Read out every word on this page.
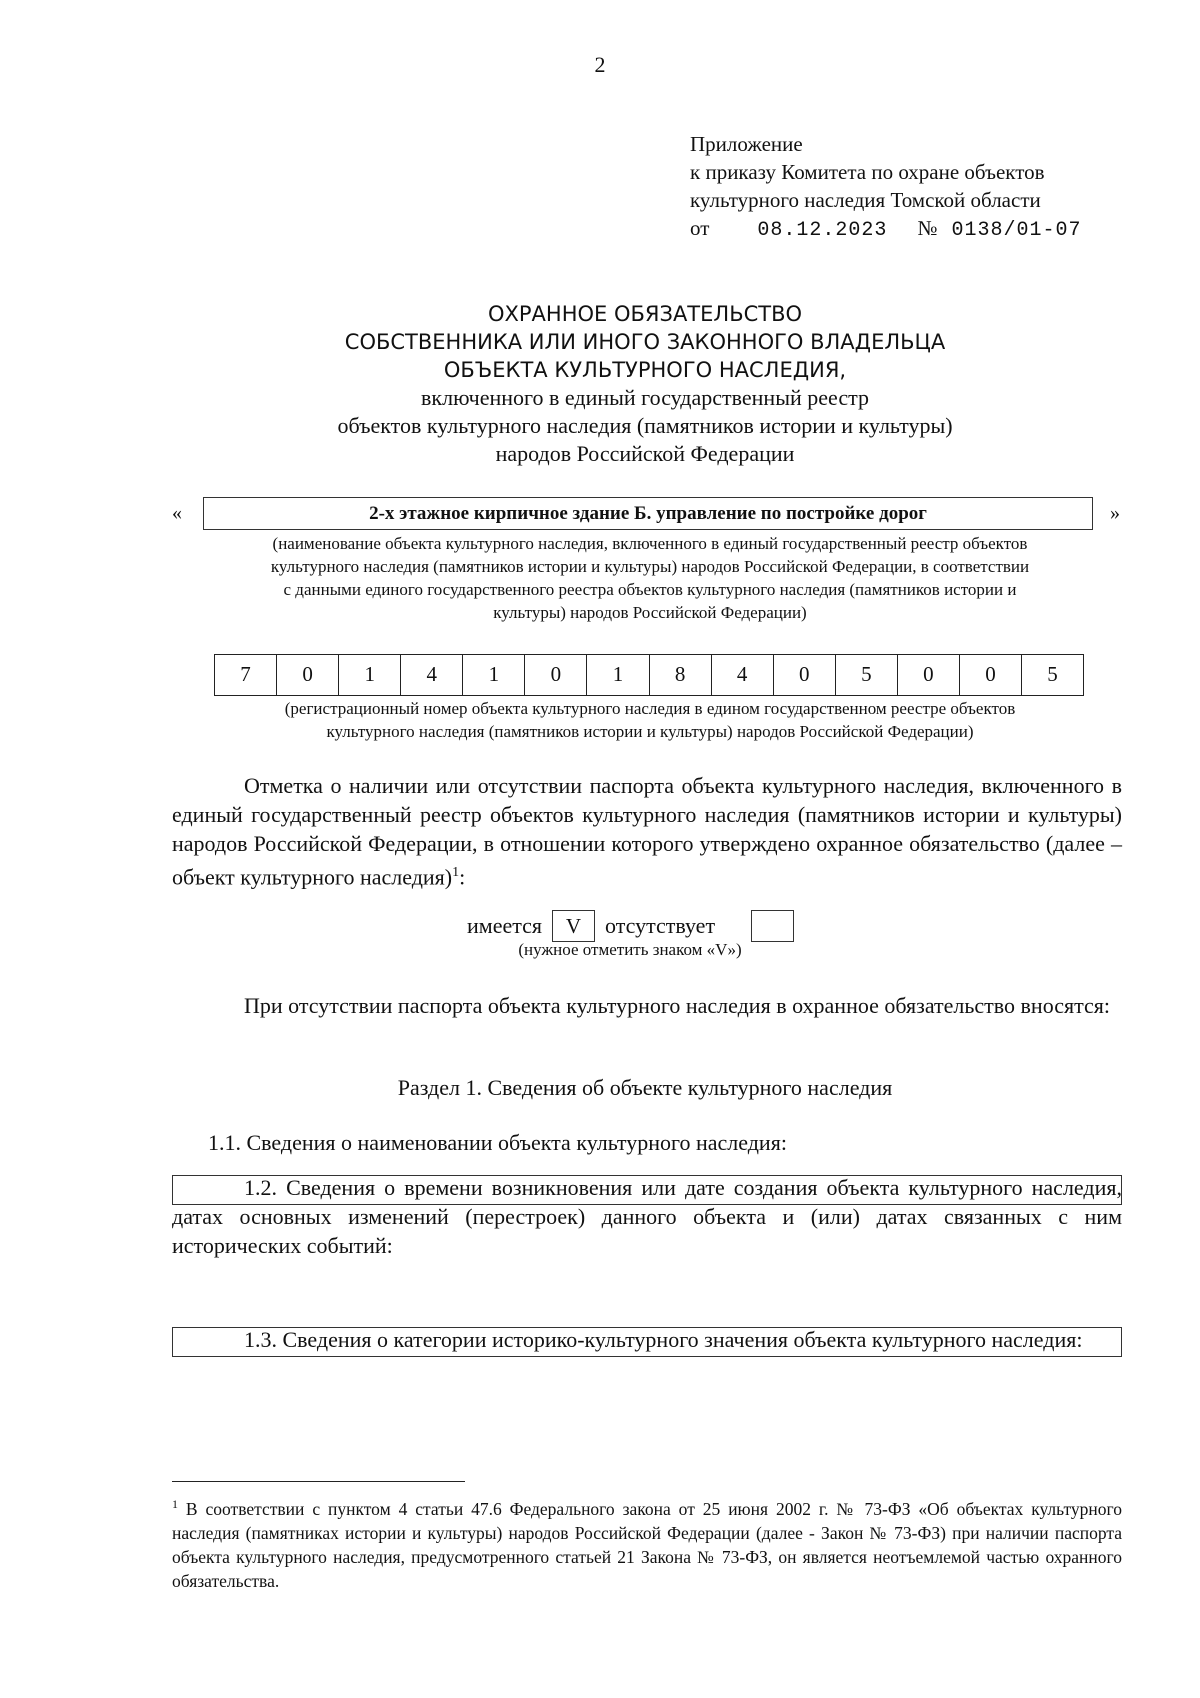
2
Приложение
к приказу Комитета по охране объектов
культурного наследия Томской области
от 08.12.2023 № 0138/01-07
ОХРАННОЕ ОБЯЗАТЕЛЬСТВО
СОБСТВЕННИКА ИЛИ ИНОГО ЗАКОННОГО ВЛАДЕЛЬЦА
ОБЪЕКТА КУЛЬТУРНОГО НАСЛЕДИЯ,
включенного в единый государственный реестр
объектов культурного наследия (памятников истории и культуры)
народов Российской Федерации
«	2-х этажное кирпичное здание Б. управление по постройке дорог	»
(наименование объекта культурного наследия, включенного в единый государственный реестр объектов
культурного наследия (памятников истории и культуры) народов Российской Федерации, в соответствии
с данными единого государственного реестра объектов культурного наследия (памятников истории и
культуры) народов Российской Федерации)
7	0	1	4	1	0	1	8	4	0	5	0	0	5
(регистрационный номер объекта культурного наследия в едином государственном реестре объектов
культурного наследия (памятников истории и культуры) народов Российской Федерации)
Отметка о наличии или отсутствии паспорта объекта культурного наследия, включенного в единый государственный реестр объектов культурного наследия (памятников истории и культуры) народов Российской Федерации, в отношении которого утверждено охранное обязательство (далее – объект культурного наследия)$^1$:
имеется	V	отсутствует
(нужное отметить знаком «V»)
При отсутствии паспорта объекта культурного наследия в охранное обязательство вносятся:
Раздел 1. Сведения об объекте культурного наследия
1.1. Сведения о наименовании объекта культурного наследия:
1.2. Сведения о времени возникновения или дате создания объекта культурного наследия, датах основных изменений (перестроек) данного объекта и (или) датах связанных с ним исторических событий:
1.3. Сведения о категории историко-культурного значения объекта культурного наследия:
$^1$ В соответствии с пунктом 4 статьи 47.6 Федерального закона от 25 июня 2002 г. № 73-ФЗ «Об объектах культурного наследия (памятниках истории и культуры) народов Российской Федерации (далее - Закон № 73-ФЗ) при наличии паспорта объекта культурного наследия, предусмотренного статьей 21 Закона № 73-ФЗ, он является неотъемлемой частью охранного обязательства.
